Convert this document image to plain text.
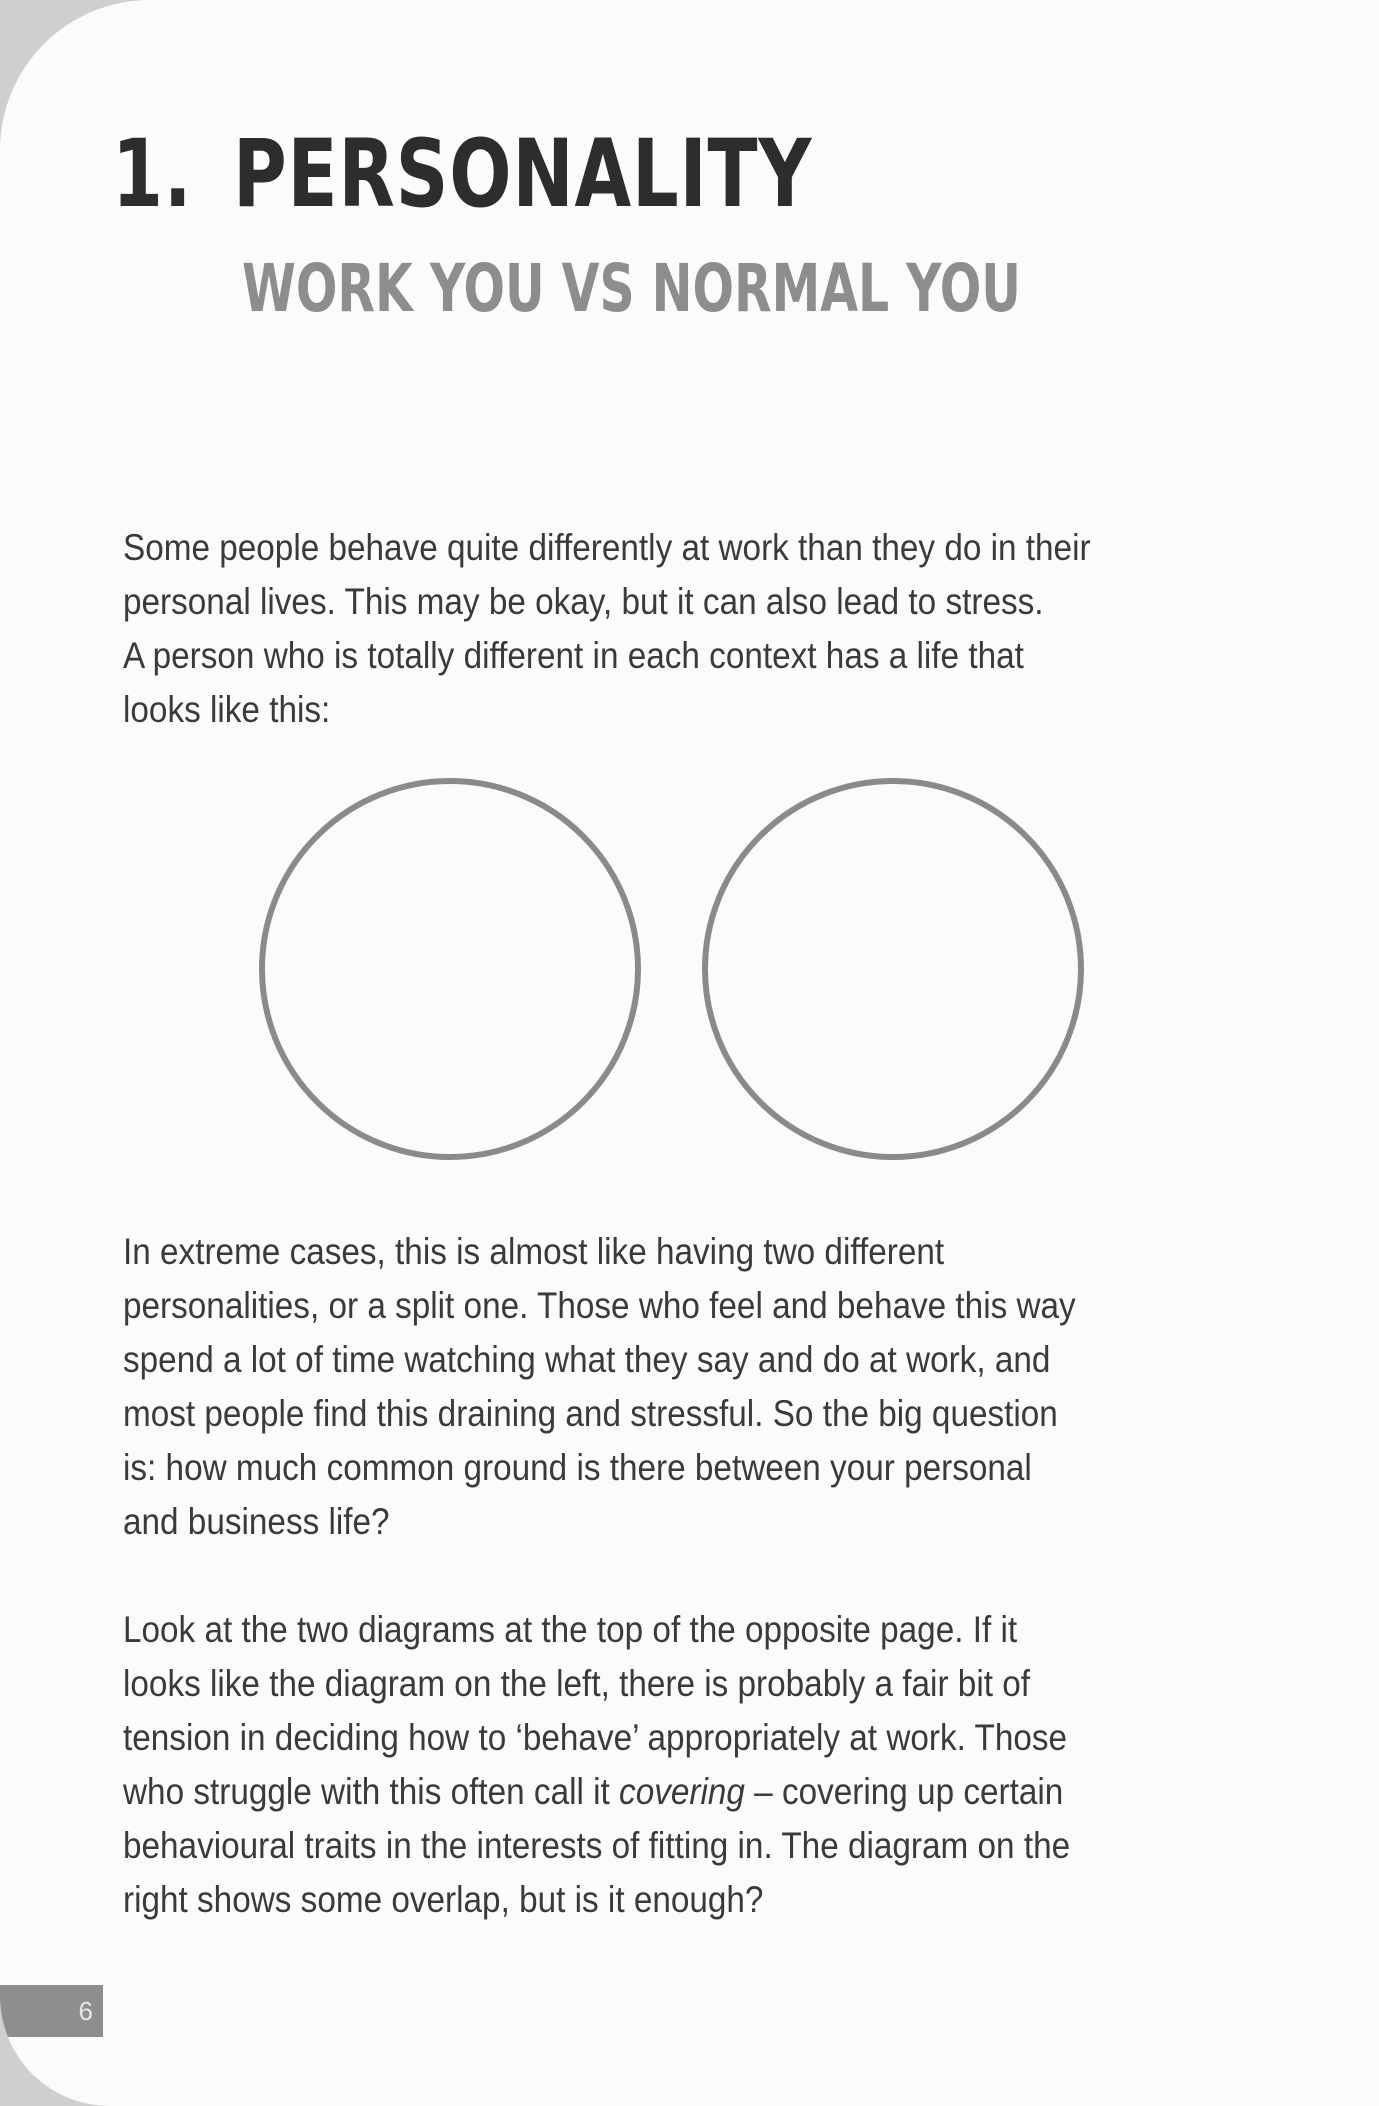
1. PERSONALITY
WORK YOU VS NORMAL YOU

Some people behave quite differently at work than they do in their
personal lives. This may be okay, but it can also lead to stress.
A person who is totally different in each context has a life that
looks like this:

In extreme cases, this is almost like having two different
personalities, or a split one. Those who feel and behave this way
spend a lot of time watching what they say and do at work, and
most people find this draining and stressful. So the big question
is: how much common ground is there between your personal
and business life?

Look at the two diagrams at the top of the opposite page. If it
looks like the diagram on the left, there is probably a fair bit of
tension in deciding how to ‘behave’ appropriately at work. Those
who struggle with this often call it covering – covering up certain
behavioural traits in the interests of fitting in. The diagram on the
right shows some overlap, but is it enough?

6
